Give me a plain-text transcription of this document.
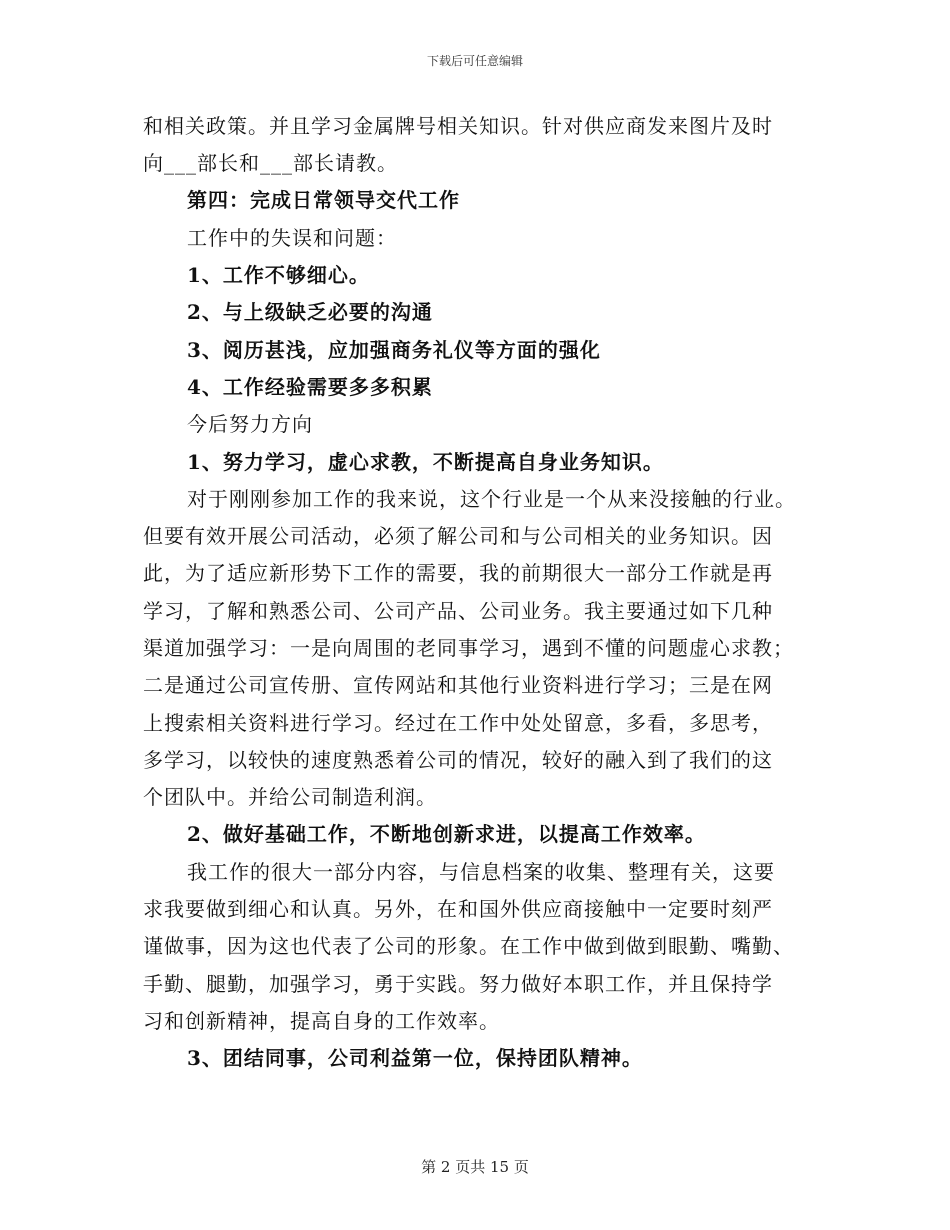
下载后可任意编辑
和相关政策。并且学习金属牌号相关知识。针对供应商发来图片及时
向___部长和___部长请教。
第四：完成日常领导交代工作
工作中的失误和问题：
1、工作不够细心。
2、与上级缺乏必要的沟通
3、阅历甚浅，应加强商务礼仪等方面的强化
4、工作经验需要多多积累
今后努力方向
1、努力学习，虚心求教，不断提高自身业务知识。
对于刚刚参加工作的我来说，这个行业是一个从来没接触的行业。
但要有效开展公司活动，必须了解公司和与公司相关的业务知识。因
此，为了适应新形势下工作的需要，我的前期很大一部分工作就是再
学习，了解和熟悉公司、公司产品、公司业务。我主要通过如下几种
渠道加强学习：一是向周围的老同事学习，遇到不懂的问题虚心求教；
二是通过公司宣传册、宣传网站和其他行业资料进行学习；三是在网
上搜索相关资料进行学习。经过在工作中处处留意，多看，多思考，
多学习，以较快的速度熟悉着公司的情况，较好的融入到了我们的这
个团队中。并给公司制造利润。
2、做好基础工作，不断地创新求进，以提高工作效率。
我工作的很大一部分内容，与信息档案的收集、整理有关，这要
求我要做到细心和认真。另外，在和国外供应商接触中一定要时刻严
谨做事，因为这也代表了公司的形象。在工作中做到做到眼勤、嘴勤、
手勤、腿勤，加强学习，勇于实践。努力做好本职工作，并且保持学
习和创新精神，提高自身的工作效率。
3、团结同事，公司利益第一位，保持团队精神。
第 2 页共 15 页
